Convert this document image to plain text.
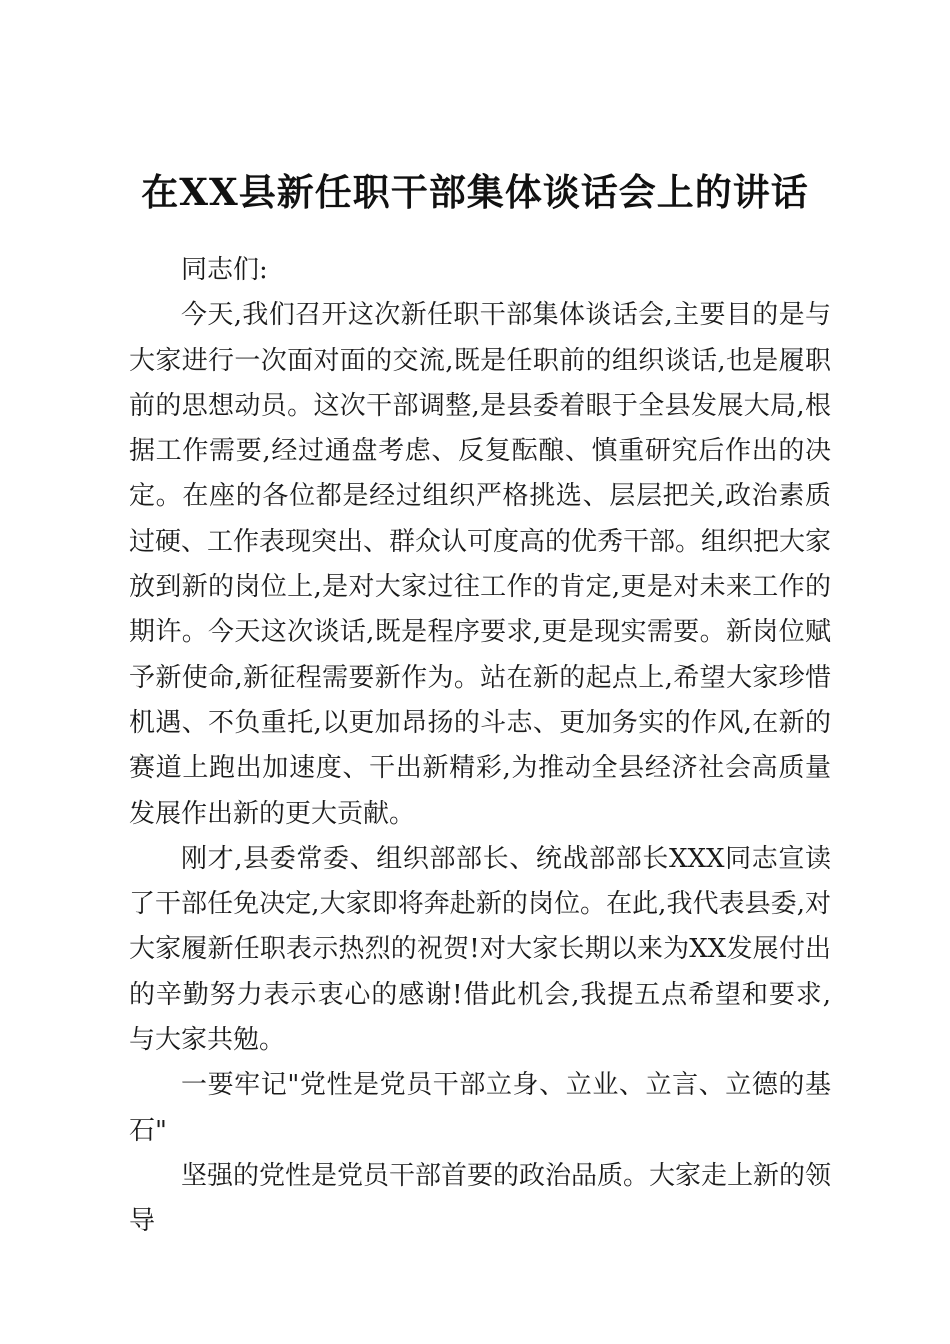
在XX县新任职干部集体谈话会上的讲话

同志们:

今天,我们召开这次新任职干部集体谈话会,主要目的是与大家进行一次面对面的交流,既是任职前的组织谈话,也是履职前的思想动员。这次干部调整,是县委着眼于全县发展大局,根据工作需要,经过通盘考虑、反复酝酿、慎重研究后作出的决定。在座的各位都是经过组织严格挑选、层层把关,政治素质过硬、工作表现突出、群众认可度高的优秀干部。组织把大家放到新的岗位上,是对大家过往工作的肯定,更是对未来工作的期许。今天这次谈话,既是程序要求,更是现实需要。新岗位赋予新使命,新征程需要新作为。站在新的起点上,希望大家珍惜机遇、不负重托,以更加昂扬的斗志、更加务实的作风,在新的赛道上跑出加速度、干出新精彩,为推动全县经济社会高质量发展作出新的更大贡献。

刚才,县委常委、组织部部长、统战部部长XXX同志宣读了干部任免决定,大家即将奔赴新的岗位。在此,我代表县委,对大家履新任职表示热烈的祝贺!对大家长期以来为XX发展付出的辛勤努力表示衷心的感谢!借此机会,我提五点希望和要求,与大家共勉。

一要牢记"党性是党员干部立身、立业、立言、立德的基石"

坚强的党性是党员干部首要的政治品质。大家走上新的领导
